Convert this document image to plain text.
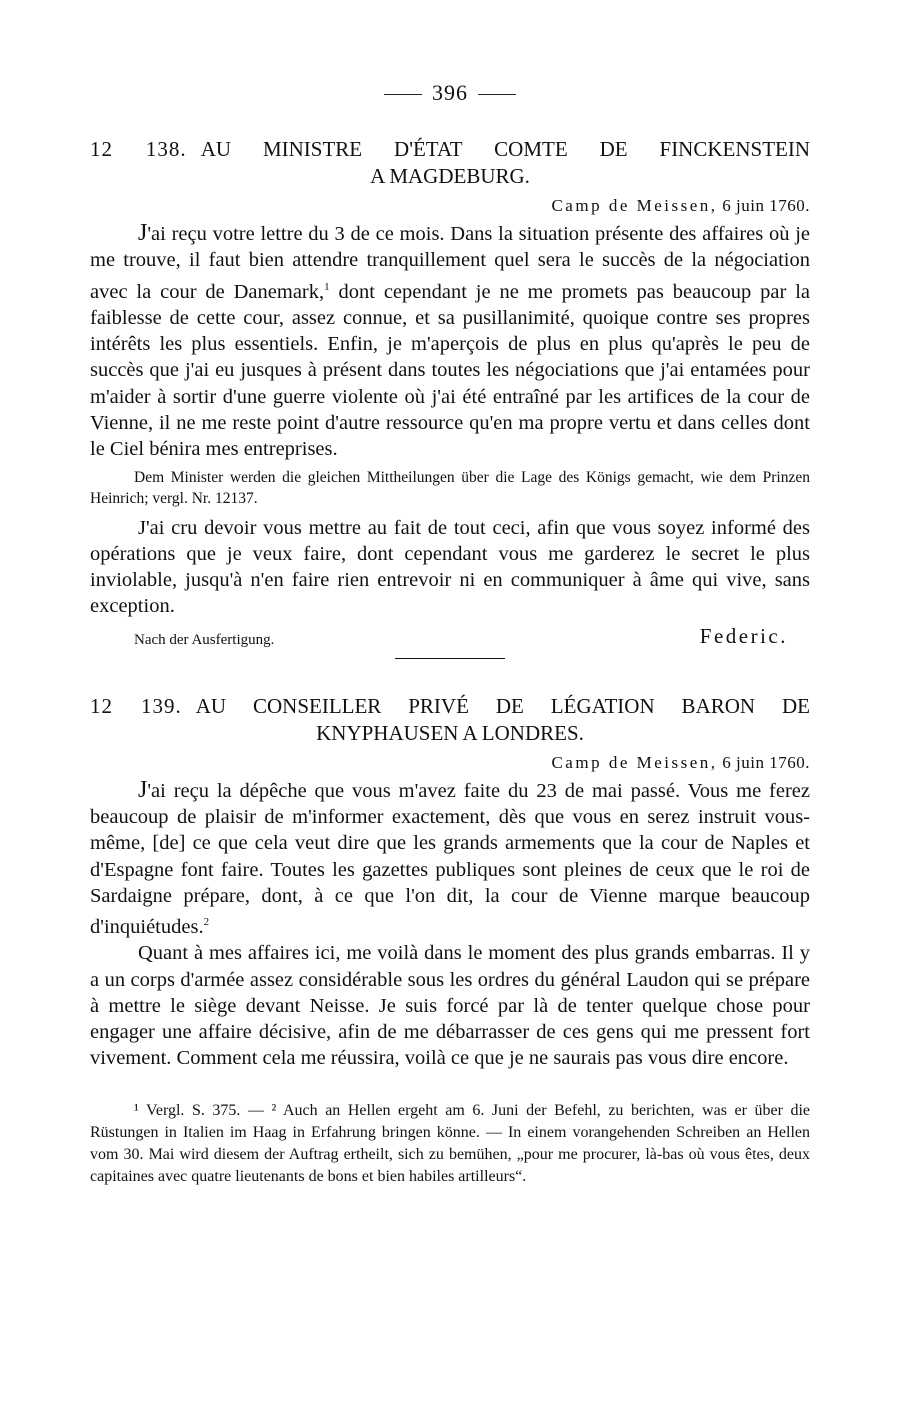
396
12 138. AU MINISTRE D'ÉTAT COMTE DE FINCKENSTEIN
A MAGDEBURG.
Camp de Meissen, 6 juin 1760.

J'ai reçu votre lettre du 3 de ce mois. Dans la situation présente des affaires où je me trouve, il faut bien attendre tranquillement quel sera le succès de la négociation avec la cour de Danemark,$^1$ dont cependant je ne me promets pas beaucoup par la faiblesse de cette cour, assez connue, et sa pusillanimité, quoique contre ses propres intérêts les plus essentiels. Enfin, je m'aperçois de plus en plus qu'après le peu de succès que j'ai eu jusques à présent dans toutes les négociations que j'ai entamées pour m'aider à sortir d'une guerre violente où j'ai été entraîné par les artifices de la cour de Vienne, il ne me reste point d'autre ressource qu'en ma propre vertu et dans celles dont le Ciel bénira mes entreprises.

Dem Minister werden die gleichen Mittheilungen über die Lage des Königs gemacht, wie dem Prinzen Heinrich; vergl. Nr. 12137.

J'ai cru devoir vous mettre au fait de tout ceci, afin que vous soyez informé des opérations que je veux faire, dont cependant vous me garderez le secret le plus inviolable, jusqu'à n'en faire rien entrevoir ni en communiquer à âme qui vive, sans exception.

Nach der Ausfertigung.	Federic.
12 139. AU CONSEILLER PRIVÉ DE LÉGATION BARON DE
KNYPHAUSEN A LONDRES.
Camp de Meissen, 6 juin 1760.

J'ai reçu la dépêche que vous m'avez faite du 23 de mai passé. Vous me ferez beaucoup de plaisir de m'informer exactement, dès que vous en serez instruit vous-même, [de] ce que cela veut dire que les grands armements que la cour de Naples et d'Espagne font faire. Toutes les gazettes publiques sont pleines de ceux que le roi de Sardaigne prépare, dont, à ce que l'on dit, la cour de Vienne marque beaucoup d'inquiétudes.$^2$

Quant à mes affaires ici, me voilà dans le moment des plus grands embarras. Il y a un corps d'armée assez considérable sous les ordres du général Laudon qui se prépare à mettre le siège devant Neisse. Je suis forcé par là de tenter quelque chose pour engager une affaire décisive, afin de me débarrasser de ces gens qui me pressent fort vivement. Comment cela me réussira, voilà ce que je ne saurais pas vous dire encore.

¹ Vergl. S. 375. — ² Auch an Hellen ergeht am 6. Juni der Befehl, zu berichten, was er über die Rüstungen in Italien im Haag in Erfahrung bringen könne. — In einem vorangehenden Schreiben an Hellen vom 30. Mai wird diesem der Auftrag ertheilt, sich zu bemühen, „pour me procurer, là-bas où vous êtes, deux capitaines avec quatre lieutenants de bons et bien habiles artilleurs“.
